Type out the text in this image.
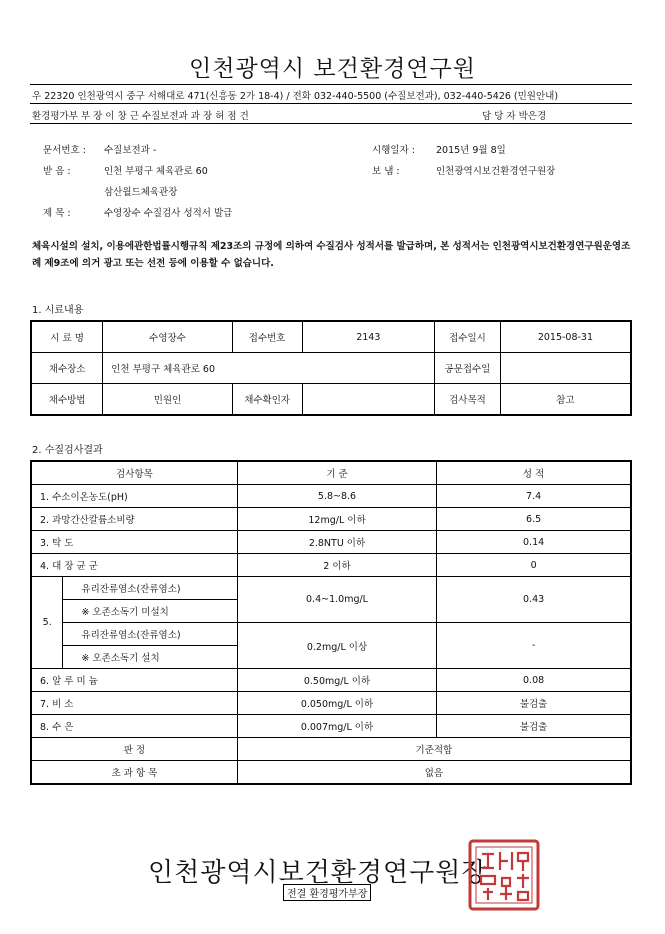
인천광역시 보건환경연구원
우 22320 인천광역시 중구 서해대로 471(신흥동 2가 18-4) / 전화 032-440-5500 (수질보전과), 032-440-5426 (민원안내)
환경평가부 부 장 이 창 근 수질보전과 과 장 허 점 건	담 당 자 박은경
문서번호 : 수질보전과 -	시행일자 : 2015년 9월 8일
받 음 :	인천 부평구 체육관로 60	보 냄 :	인천광역시보건환경연구원장
삼산월드체육관장
제 목 :	수영장수 수질검사 성적서 발급
체육시설의 설치, 이용에관한법률시행규칙 제23조의 규정에 의하여 수질검사 성적서를 발급하며, 본 성적서는 인천광역시보건환경연구원운영조례 제9조에 의거 광고 또는 선전 등에 이용할 수 없습니다.
1. 시료내용
시 료 명	수영장수	접수번호	2143	접수일시	2015-08-31
채수장소	인천 부평구 체육관로 60			공문접수일	
채수방법	민원인	채수확인자		검사목적	참고
2. 수질검사결과
검사항목		기 준	성 적
1. 수소이온농도(pH)		5.8~8.6	7.4
2. 과망간산칼륨소비량		12mg/L 이하	6.5
3. 탁 도		2.8NTU 이하	0.14
4. 대 장 균 군		2 이하	0
5.	유리잔류염소(잔류염소)	0.4~1.0mg/L	0.43
	※ 오존소독기 미설치		
	유리잔류염소(잔류염소)	0.2mg/L 이상	-
	※ 오존소독기 설치		
6. 알 루 미 늄		0.50mg/L 이하	0.08
7. 비 소		0.050mg/L 이하	불검출
8. 수 은		0.007mg/L 이하	불검출
판 정		기준적합	
초 과 항 목		없음	
인천광역시보건환경연구원장
전결 환경평가부장
